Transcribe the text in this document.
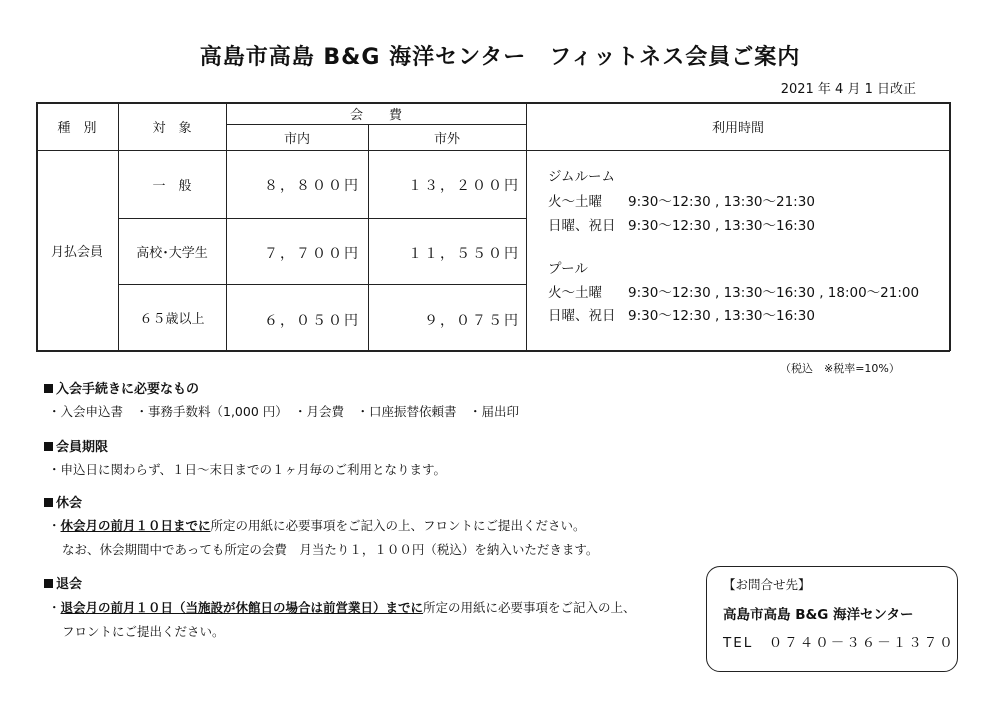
高島市高島 B&G 海洋センター　フィットネス会員ご案内
2021 年 4 月 1 日改正
種　別	対　象
会　　費
市内	市外
利用時間
月払会員
一　般	８，８００円	１３，２００円
高校･大学生	７，７００円	１１，５５０円
６５歳以上	６，０５０円	９，０７５円
ジムルーム
火～土曜 9:30～12:30 , 13:30～21:30
日曜、祝日 9:30～12:30 , 13:30～16:30
プール
火～土曜 9:30～12:30 , 13:30～16:30 , 18:00～21:00
日曜、祝日 9:30～12:30 , 13:30～16:30
（税込　※税率=10%）
入会手続きに必要なもの
・入会申込書　・事務手数料（1,000 円）　・月会費　・口座振替依頼書　・届出印
会員期限
・申込日に関わらず、１日～末日までの１ヶ月毎のご利用となります。
休会
・休会月の前月１０日までに所定の用紙に必要事項をご記入の上、フロントにご提出ください。
なお、休会期間中であっても所定の会費　月当たり１，１００円（税込）を納入いただきます。
退会
・退会月の前月１０日（当施設が休館日の場合は前営業日）までに所定の用紙に必要事項をご記入の上、
フロントにご提出ください。
【お問合せ先】
高島市高島 B&G 海洋センター
TEL　０７４０－３６－１３７０
